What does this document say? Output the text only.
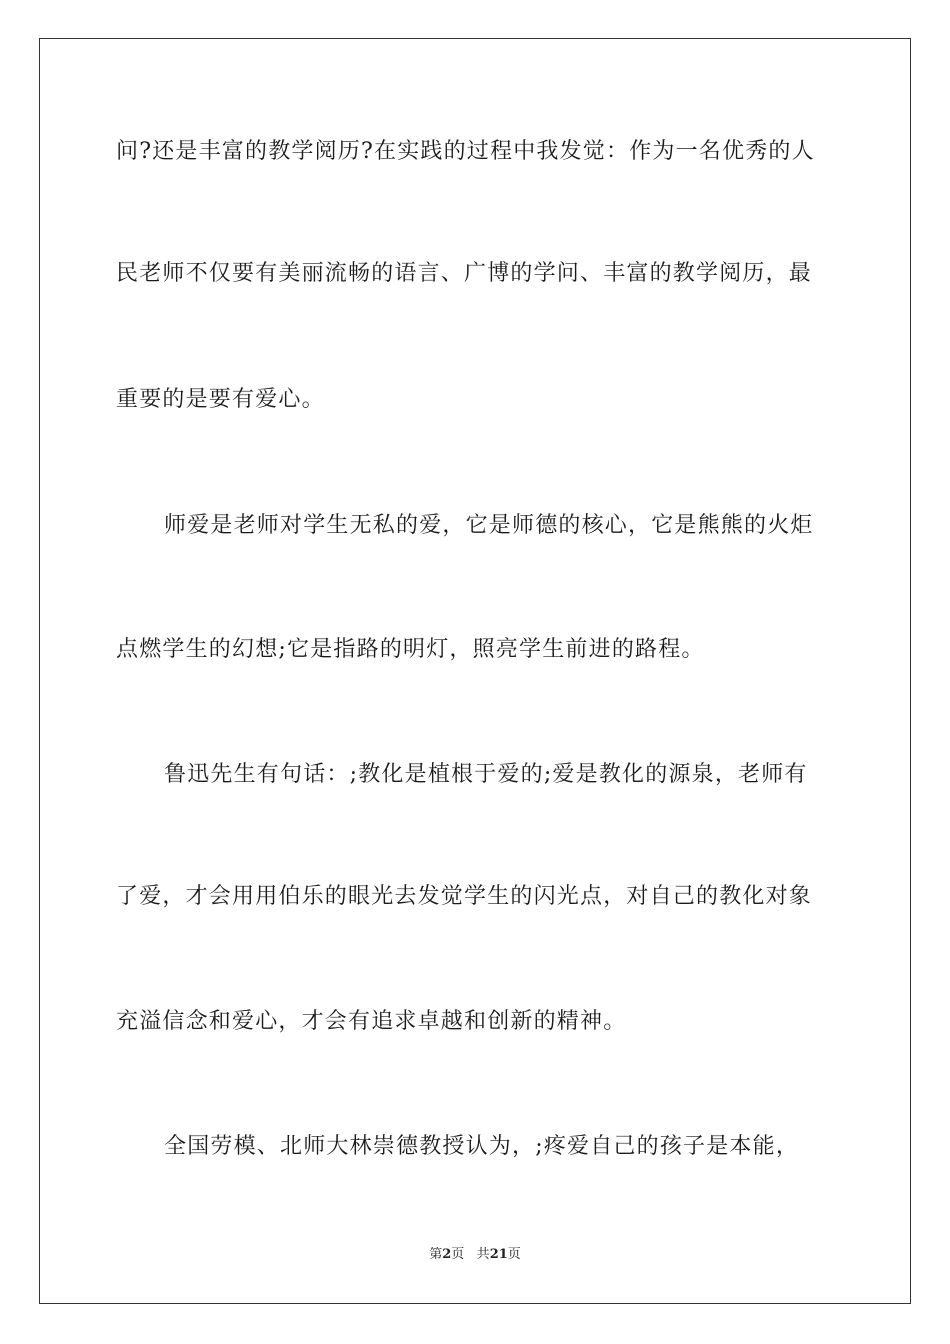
问?还是丰富的教学阅历?在实践的过程中我发觉：作为一名优秀的人
民老师不仅要有美丽流畅的语言、广博的学问、丰富的教学阅历，最
重要的是要有爱心。
师爱是老师对学生无私的爱，它是师德的核心，它是熊熊的火炬
点燃学生的幻想;它是指路的明灯，照亮学生前进的路程。
鲁迅先生有句话：;教化是植根于爱的;爱是教化的源泉，老师有
了爱，才会用用伯乐的眼光去发觉学生的闪光点，对自己的教化对象
充溢信念和爱心，才会有追求卓越和创新的精神。
全国劳模、北师大林崇德教授认为，;疼爱自己的孩子是本能，
第2页 共21页
